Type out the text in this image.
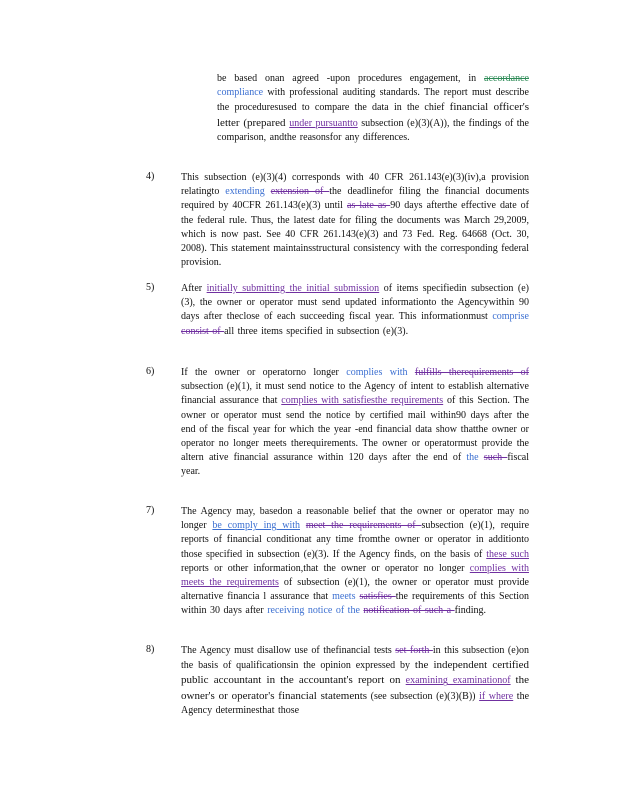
be based onan agreed -upon procedures engagement, in accordance compliance with professional auditing standards. The report must describe the proceduresused to compare the data in the chief financial officer's letter (prepared under pursuantto subsection (e)(3)(A)), the findings of the comparison, andthe reasonsfor any differences.
4)	This subsection (e)(3)(4) corresponds with 40 CFR 261.143(e)(3)(iv),a provision relatingto extending extension of the deadlinefor filing the financial documents required by 40CFR 261.143(e)(3) until as late as 90 days afterthe effective date of the federal rule. Thus, the latest date for filing the documents was March 29,2009, which is now past. See 40 CFR 261.143(e)(3) and 73 Fed. Reg. 64668 (Oct. 30, 2008). This statement maintainsstructural consistency with the corresponding federal provision.
5)	After initially submitting the initial submission of items specifiedin subsection (e)(3), the owner or operator must send updated informationto the Agencywithin 90 days after theclose of each succeeding fiscal year. This informationmust comprise consist of all three items specified in subsection (e)(3).
6)	If the owner or operatorno longer complies with fulfills therequirements of subsection (e)(1), it must send notice to the Agency of intent to establish alternative financial assurance that complies with satisfiesthe requirements of this Section. The owner or operator must send the notice by certified mail within90 days after the end of the fiscal year for which the year -end financial data show thatthe owner or operator no longer meets therequirements. The owner or operatormust provide the altern ative financial assurance within 120 days after the end of the such fiscal year.
7)	The Agency may, basedon a reasonable belief that the owner or operator may no longer be comply ing with meet the requirements of subsection (e)(1), require reports of financial conditionat any time fromthe owner or operator in additionto those specified in subsection (e)(3). If the Agency finds, on the basis of these such reports or other information,that the owner or operator no longer complies with meets the requirements of subsection (e)(1), the owner or operator must provide alternative financia l assurance that meets satisfies the requirements of this Section within 30 days after receiving notice of the notification of such a finding.
8)	The Agency must disallow use of thefinancial tests set forth in this subsection (e)on the basis of qualificationsin the opinion expressed by the independent certified public accountant in the accountant's report on examining examinationof the owner's or operator's financial statements (see subsection (e)(3)(B)) if where the Agency determinesthat those
